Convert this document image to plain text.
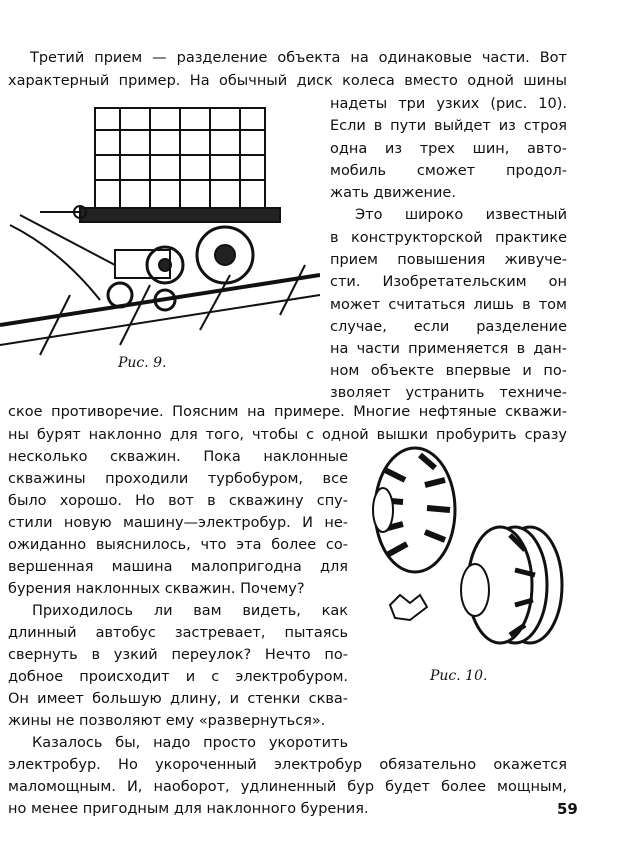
Третий прием — разделение объекта на одинаковые части. Вот
характерный пример. На обычный диск колеса вместо одной шины
надеты три узких (рис. 10).
Если в пути выйдет из строя
одна из трех шин, авто-
мобиль сможет продол-
жать движение.
Это широко известный
в конструкторской практике
прием повышения живуче-
сти. Изобретательским он
может считаться лишь в том
случае, если разделение
на части применяется в дан-
ном объекте впервые и по-
зволяет устранить техниче-
ское противоречие. Поясним на примере. Многие нефтяные скважи-
ны бурят наклонно для того, чтобы с одной вышки пробурить сразу
несколько скважин. Пока наклонные
скважины проходили турбобуром, все
было хорошо. Но вот в скважину спу-
стили новую машину—электробур. И не-
ожиданно выяснилось, что эта более со-
вершенная машина малопригодна для
бурения наклонных скважин. Почему?
Приходилось ли вам видеть, как
длинный автобус застревает, пытаясь
свернуть в узкий переулок? Нечто по-
добное происходит и с электробуром.
Он имеет большую длину, и стенки сква-
жины не позволяют ему «развернуться».
Казалось бы, надо просто укоротить
электробур. Но укороченный электробур обязательно окажется
маломощным. И, наоборот, удлиненный бур будет более мощным,
но менее пригодным для наклонного бурения.
Рис. 9.
Рис. 10.
59
